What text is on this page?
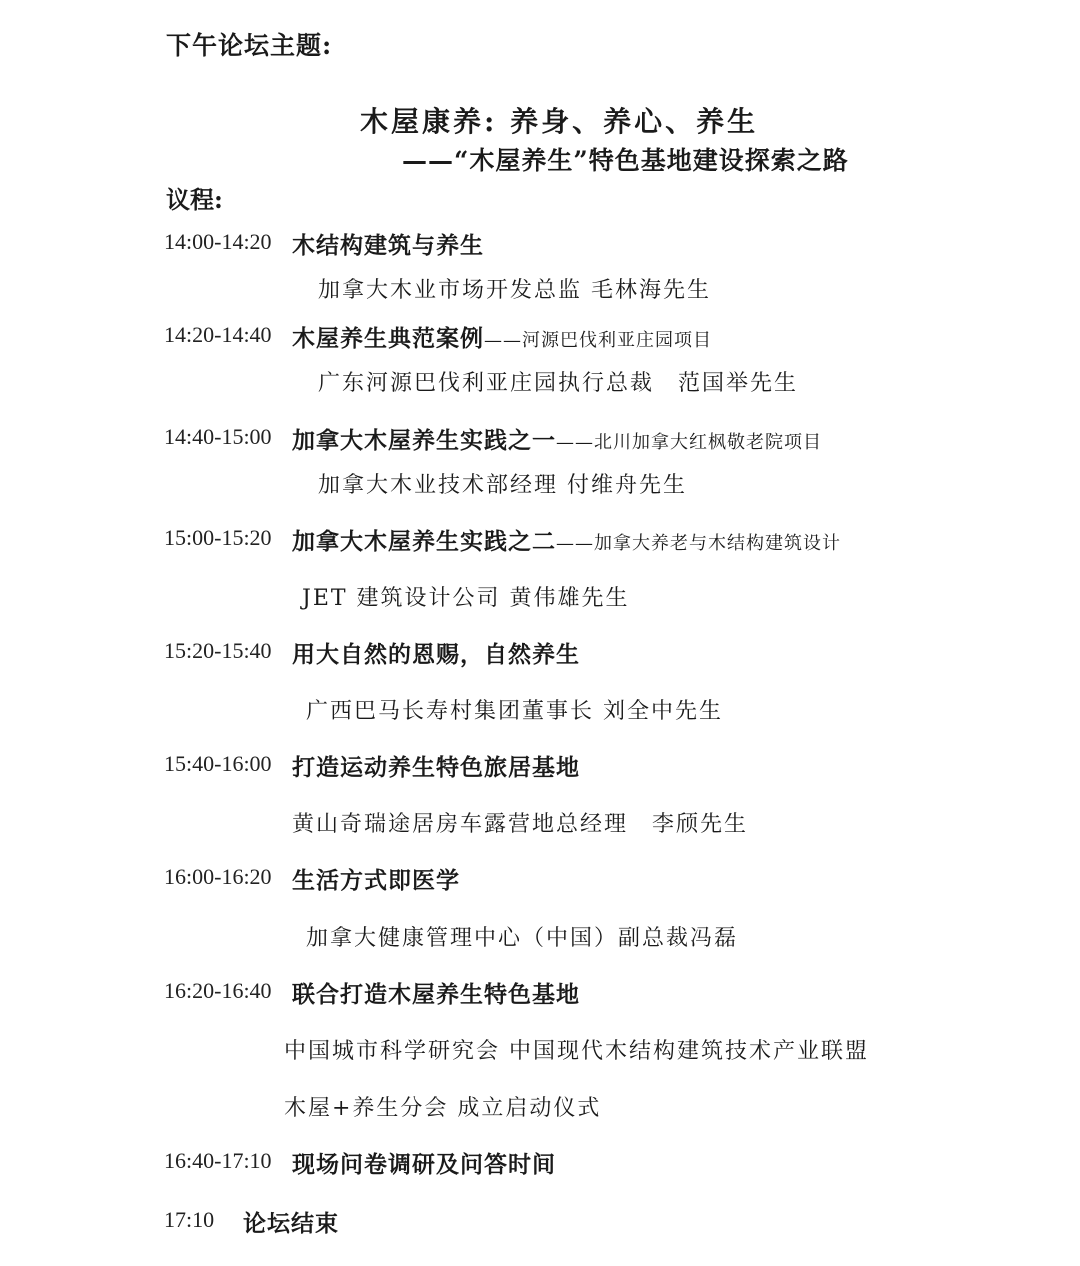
下午论坛主题:
木屋康养: 养身、养心、养生
——“木屋养生”特色基地建设探索之路
议程:
14:00-14:20 木结构建筑与养生
加拿大木业市场开发总监 毛林海先生
14:20-14:40 木屋养生典范案例——河源巴伐利亚庄园项目
广东河源巴伐利亚庄园执行总裁　范国举先生
14:40-15:00 加拿大木屋养生实践之一——北川加拿大红枫敬老院项目
加拿大木业技术部经理 付维舟先生
15:00-15:20 加拿大木屋养生实践之二——加拿大养老与木结构建筑设计
JET 建筑设计公司 黄伟雄先生
15:20-15:40 用大自然的恩赐，自然养生
广西巴马长寿村集团董事长 刘全中先生
15:40-16:00 打造运动养生特色旅居基地
黄山奇瑞途居房车露营地总经理　李颀先生
16:00-16:20 生活方式即医学
加拿大健康管理中心（中国）副总裁冯磊
16:20-16:40 联合打造木屋养生特色基地
中国城市科学研究会 中国现代木结构建筑技术产业联盟
木屋+养生分会 成立启动仪式
16:40-17:10 现场问卷调研及问答时间
17:10 论坛结束
